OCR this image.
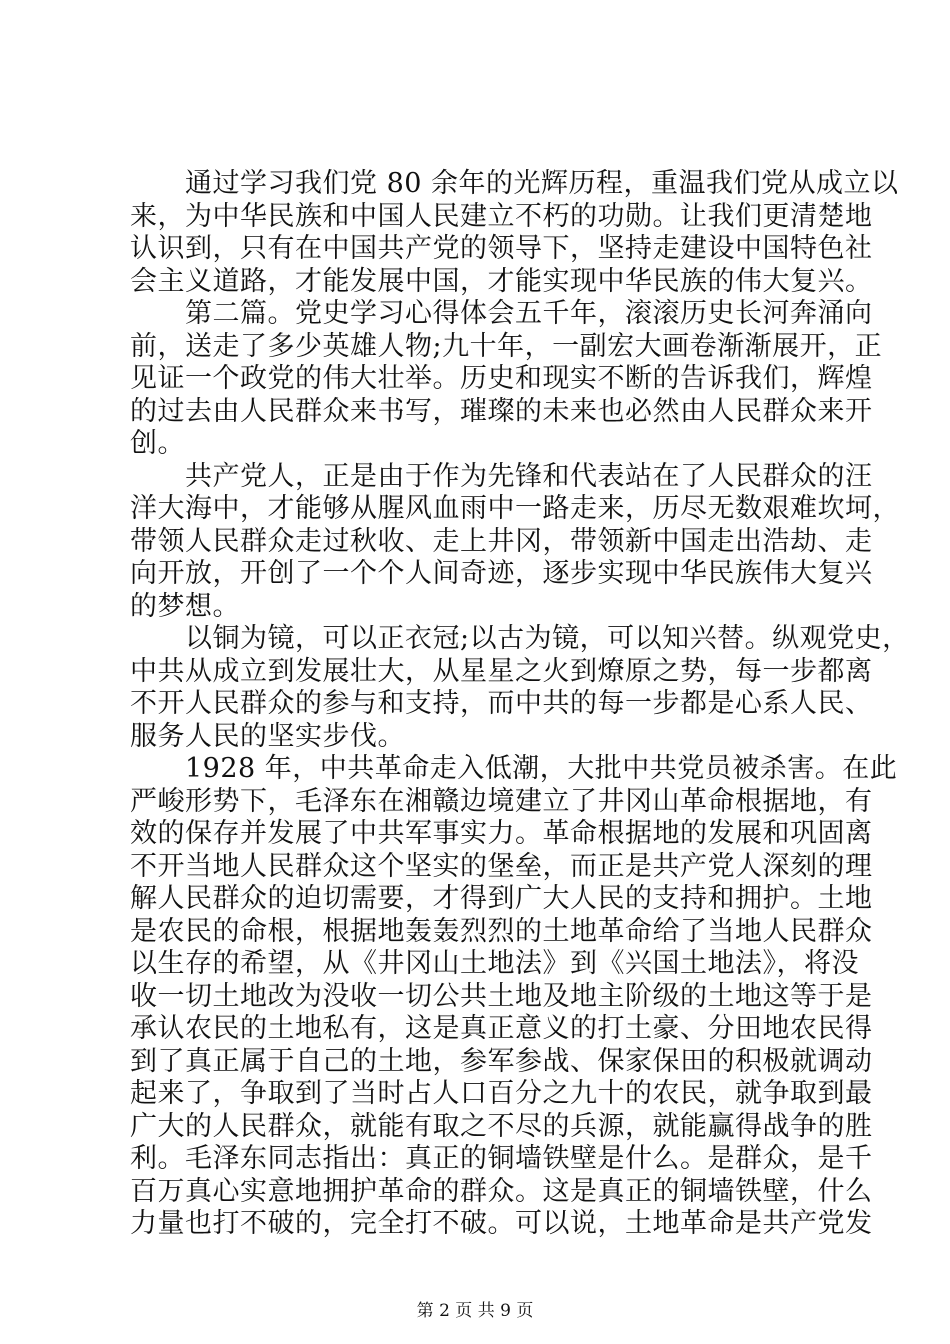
　　通过学习我们党 80 余年的光辉历程，重温我们党从成立以
来，为中华民族和中国人民建立不朽的功勋。让我们更清楚地
认识到，只有在中国共产党的领导下，坚持走建设中国特色社
会主义道路，才能发展中国，才能实现中华民族的伟大复兴。
　　第二篇。党史学习心得体会五千年，滚滚历史长河奔涌向
前，送走了多少英雄人物;九十年，一副宏大画卷渐渐展开，正
见证一个政党的伟大壮举。历史和现实不断的告诉我们，辉煌
的过去由人民群众来书写，璀璨的未来也必然由人民群众来开
创。
　　共产党人，正是由于作为先锋和代表站在了人民群众的汪
洋大海中，才能够从腥风血雨中一路走来，历尽无数艰难坎坷，
带领人民群众走过秋收、走上井冈，带领新中国走出浩劫、走
向开放，开创了一个个人间奇迹，逐步实现中华民族伟大复兴
的梦想。
　　以铜为镜，可以正衣冠;以古为镜，可以知兴替。纵观党史，
中共从成立到发展壮大，从星星之火到燎原之势，每一步都离
不开人民群众的参与和支持，而中共的每一步都是心系人民、
服务人民的坚实步伐。
　　1928 年，中共革命走入低潮，大批中共党员被杀害。在此
严峻形势下，毛泽东在湘赣边境建立了井冈山革命根据地，有
效的保存并发展了中共军事实力。革命根据地的发展和巩固离
不开当地人民群众这个坚实的堡垒，而正是共产党人深刻的理
解人民群众的迫切需要，才得到广大人民的支持和拥护。土地
是农民的命根，根据地轰轰烈烈的土地革命给了当地人民群众
以生存的希望，从《井冈山土地法》到《兴国土地法》，将没
收一切土地改为没收一切公共土地及地主阶级的土地这等于是
承认农民的土地私有，这是真正意义的打土豪、分田地农民得
到了真正属于自己的土地，参军参战、保家保田的积极就调动
起来了，争取到了当时占人口百分之九十的农民，就争取到最
广大的人民群众，就能有取之不尽的兵源，就能赢得战争的胜
利。毛泽东同志指出：真正的铜墙铁壁是什么。是群众，是千
百万真心实意地拥护革命的群众。这是真正的铜墙铁壁，什么
力量也打不破的，完全打不破。可以说，土地革命是共产党发
第 2 页 共 9 页
